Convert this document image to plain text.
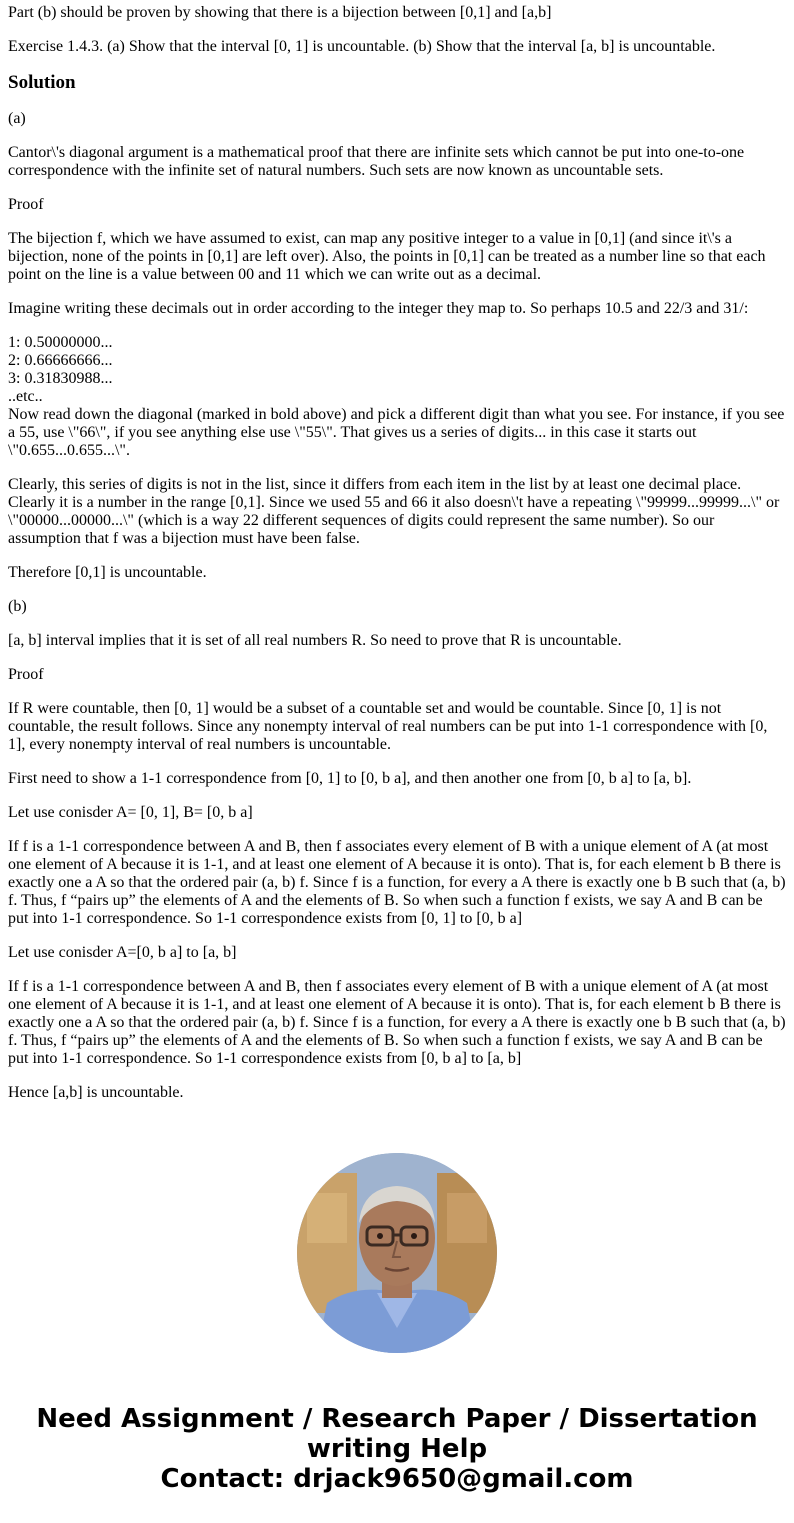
Part (b) should be proven by showing that there is a bijection between [0,1] and [a,b]

Exercise 1.4.3. (a) Show that the interval [0, 1] is uncountable. (b) Show that the interval [a, b] is uncountable.

Solution

(a)

Cantor\'s diagonal argument is a mathematical proof that there are infinite sets which cannot be put into one-to-one correspondence with the infinite set of natural numbers. Such sets are now known as uncountable sets.

Proof

The bijection f, which we have assumed to exist, can map any positive integer to a value in [0,1] (and since it\'s a bijection, none of the points in [0,1] are left over). Also, the points in [0,1] can be treated as a number line so that each point on the line is a value between 00 and 11 which we can write out as a decimal.

Imagine writing these decimals out in order according to the integer they map to. So perhaps 10.5 and 22/3 and 31/:

1: 0.50000000...
2: 0.66666666...
3: 0.31830988...
..etc..

Now read down the diagonal (marked in bold above) and pick a different digit than what you see. For instance, if you see a 55, use \"66\", if you see anything else use \"55\". That gives us a series of digits... in this case it starts out \"0.655...0.655...\".

Clearly, this series of digits is not in the list, since it differs from each item in the list by at least one decimal place. Clearly it is a number in the range [0,1]. Since we used 55 and 66 it also doesn\'t have a repeating \"99999...99999...\" or \"00000...00000...\" (which is a way 22 different sequences of digits could represent the same number). So our assumption that f was a bijection must have been false.

Therefore [0,1] is uncountable.

(b)

[a, b] interval implies that it is set of all real numbers R. So need to prove that R is uncountable.

Proof

If R were countable, then [0, 1] would be a subset of a countable set and would be countable. Since [0, 1] is not countable, the result follows. Since any nonempty interval of real numbers can be put into 1-1 correspondence with [0, 1], every nonempty interval of real numbers is uncountable.

First need to show a 1-1 correspondence from [0, 1] to [0, b a], and then another one from [0, b a] to [a, b].

Let use conisder A= [0, 1], B= [0, b a]

If f is a 1-1 correspondence between A and B, then f associates every element of B with a unique element of A (at most one element of A because it is 1-1, and at least one element of A because it is onto). That is, for each element b B there is exactly one a A so that the ordered pair (a, b) f. Since f is a function, for every a A there is exactly one b B such that (a, b) f. Thus, f “pairs up” the elements of A and the elements of B. So when such a function f exists, we say A and B can be put into 1-1 correspondence. So 1-1 correspondence exists from [0, 1] to [0, b a]

Let use conisder A=[0, b a] to [a, b]

If f is a 1-1 correspondence between A and B, then f associates every element of B with a unique element of A (at most one element of A because it is 1-1, and at least one element of A because it is onto). That is, for each element b B there is exactly one a A so that the ordered pair (a, b) f. Since f is a function, for every a A there is exactly one b B such that (a, b) f. Thus, f “pairs up” the elements of A and the elements of B. So when such a function f exists, we say A and B can be put into 1-1 correspondence. So 1-1 correspondence exists from [0, b a] to [a, b]

Hence [a,b] is uncountable.

Need Assignment / Research Paper / Dissertation
writing Help
Contact: drjack9650@gmail.com
